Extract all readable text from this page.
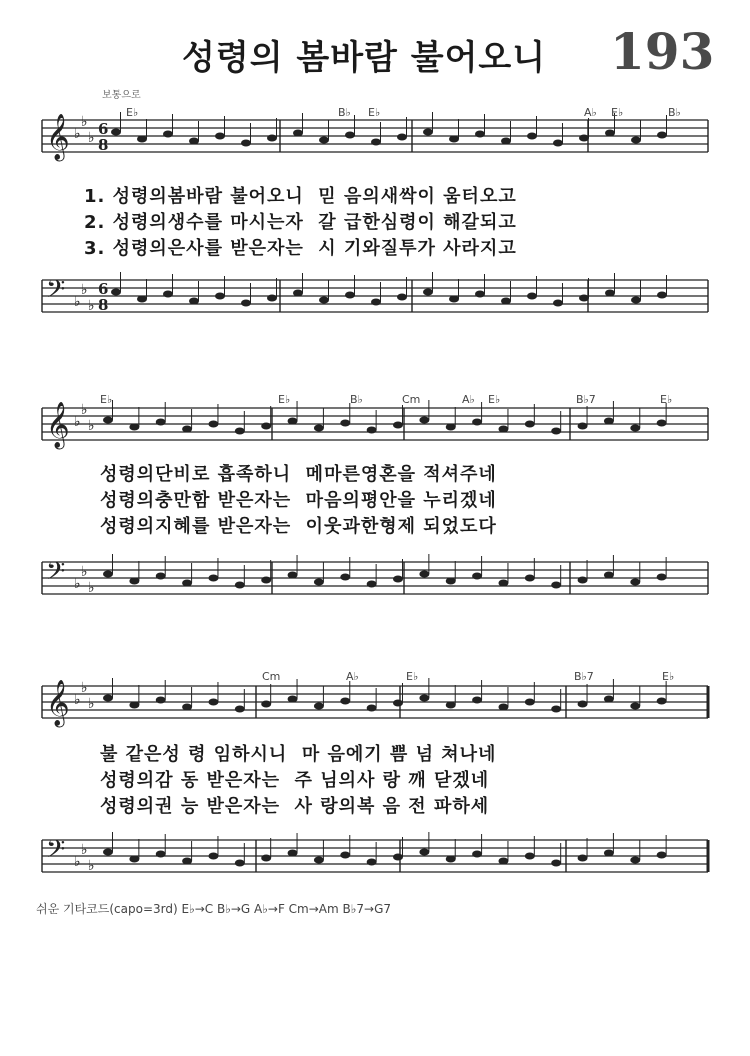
성령의 봄바람 불어오니 193
보통으로
𝄞 ♭
♭
♭
𝄢 ♭
♭
♭
𝄞 ♭
♭
♭
𝄢 ♭
♭
♭
𝄞 ♭
♭
♭
𝄢 ♭
♭
♭
6
8
6
8
E♭	B♭ E♭	A♭ E♭	B♭
1. 성령의봄바람 불어오니  믿 음의새싹이 움터오고
2. 성령의생수를 마시는자  갈 급한심령이 해갈되고
3. 성령의은사를 받은자는  시 기와질투가 사라지고
E♭	E♭	B♭	Cm	A♭ E♭	B♭7	E♭
성령의단비로 흡족하니  메마른영혼을 적셔주네
성령의충만함 받은자는  마음의평안을 누리겠네
성령의지혜를 받은자는  이웃과한형제 되었도다
Cm	A♭	E♭	B♭7	E♭
불 같은성 령 임하시니  마 음에기 쁨 넘 쳐나네
성령의감 동 받은자는  주 님의사 랑 깨 닫겠네
성령의권 능 받은자는  사 랑의복 음 전 파하세
쉬운 기타코드(capo=3rd) E♭→C B♭→G A♭→F Cm→Am B♭7→G7
